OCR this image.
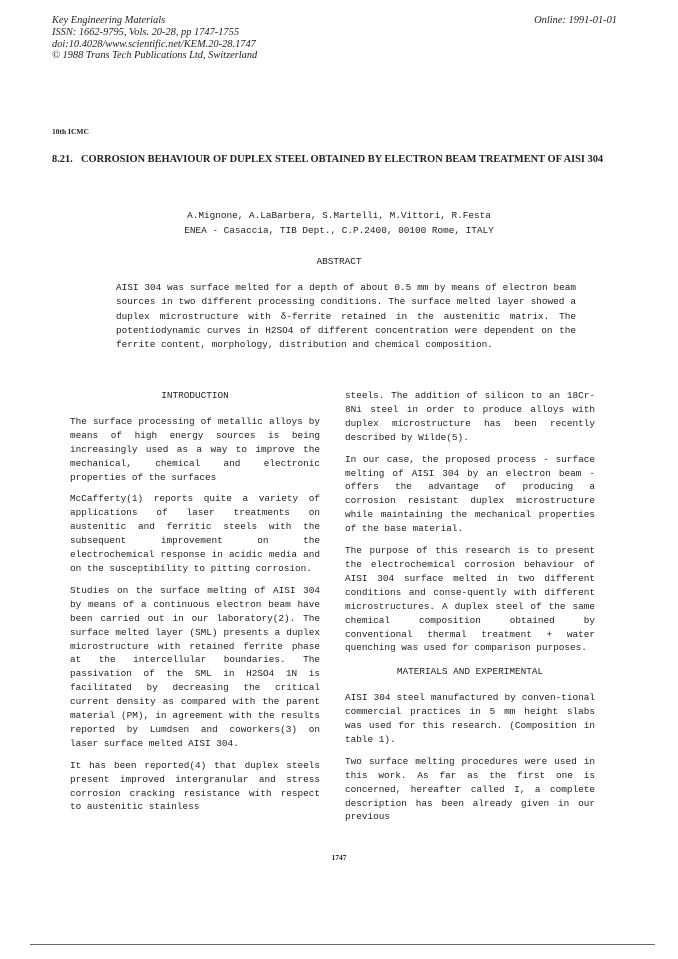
Key Engineering Materials
ISSN: 1662-9795, Vols. 20-28, pp 1747-1755
doi:10.4028/www.scientific.net/KEM.20-28.1747
© 1988 Trans Tech Publications Ltd, Switzerland
Online: 1991-01-01
10th ICMC
8.21. CORROSION BEHAVIOUR OF DUPLEX STEEL OBTAINED BY ELECTRON BEAM TREATMENT OF AISI 304
A.Mignone, A.LaBarbera, S.Martelli, M.Vittori, R.Festa
ENEA - Casaccia, TIB Dept., C.P.2400, 00100 Rome, ITALY
ABSTRACT
AISI 304 was surface melted for a depth of about 0.5 mm by means of electron beam sources in two different processing conditions. The surface melted layer showed a duplex microstructure with δ-ferrite retained in the austenitic matrix. The potentiodynamic curves in H2SO4 of different concentration were dependent on the ferrite content, morphology, distribution and chemical composition.
INTRODUCTION

The surface processing of metallic alloys by means of high energy sources is being increasingly used as a way to improve the mechanical, chemical and electronic properties of the surfaces

McCafferty(1) reports quite a variety of applications of laser treatments on austenitic and ferritic steels with the subsequent improvement on the electrochemical response in acidic media and on the susceptibility to pitting corrosion.

Studies on the surface melting of AISI 304 by means of a continuous electron beam have been carried out in our laboratory(2). The surface melted layer (SML) presents a duplex microstructure with retained ferrite phase at the intercellular boundaries. The passivation of the SML in H2SO4 1N is facilitated by decreasing the critical current density as compared with the parent material (PM), in agreement with the results reported by Lumdsen and coworkers(3) on laser surface melted AISI 304.

It has been reported(4) that duplex steels present improved intergranular and stress corrosion cracking resistance with respect to austenitic stainless

steels. The addition of silicon to an 18Cr-8Ni steel in order to produce alloys with duplex microstructure has been recently described by Wilde(5).

In our case, the proposed process - surface melting of AISI 304 by an electron beam - offers the advantage of producing a corrosion resistant duplex microstructure while maintaining the mechanical properties of the base material.

The purpose of this research is to present the electrochemical corrosion behaviour of AISI 304 surface melted in two different conditions and conse-quently with different microstructures. A duplex steel of the same chemical composition obtained by conventional thermal treatment + water quenching was used for comparison purposes.

MATERIALS AND EXPERIMENTAL

AISI 304 steel manufactured by conven-tional commercial practices in 5 mm height slabs was used for this research. (Composition in table 1).

Two surface melting procedures were used in this work. As far as the first one is concerned, hereafter called I, a complete description has been already given in our previous

1747
